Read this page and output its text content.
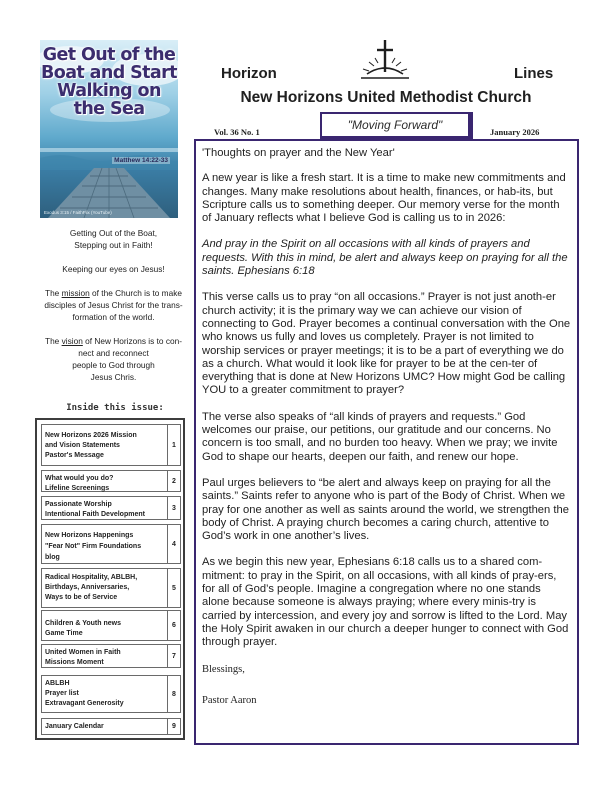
Get Out of the
Boat and Start
Walking on the Sea
Matthew 14:22-33
Exodus 3:15 / FaithFlix (YouTube)
Getting Out of the Boat,
Stepping out in Faith!
Keeping our eyes on Jesus!
The mission of the Church is to make
disciples of Jesus Christ for the trans-
formation of the world.
The vision of New Horizons is to con-
nect and reconnect
people to God through
Jesus Chris.
Inside this issue:
New Horizons 2026 Mission
and Vision Statements
Pastor's Message
1
What would you do?
Lifeline Screenings
2
Passionate Worship
Intentional Faith Development
3
New Horizons Happenings
"Fear Not" Firm Foundations
blog
4
Radical Hospitality, ABLBH,
Birthdays, Anniversaries,
Ways to be of Service
5
Children & Youth news
Game Time
6
United Women in Faith
Missions Moment
7
ABLBH
Prayer list
Extravagant Generosity
8
January Calendar	9
Horizon	Lines
New Horizons United Methodist Church
Vol. 36 No. 1	"Moving Forward"	January 2026

'Thoughts on prayer and the New Year'

A new year is like a fresh start. It is a time to make new commitments and changes. Many make resolutions about health, finances, or hab-its, but Scripture calls us to something deeper. Our memory verse for the month of January reflects what I believe God is calling us to in 2026:

And pray in the Spirit on all occasions with all kinds of prayers and requests. With this in mind, be alert and always keep on praying for all the saints. Ephesians 6:18

This verse calls us to pray “on all occasions.” Prayer is not just anoth-er church activity; it is the primary way we can achieve our vision of connecting to God. Prayer becomes a continual conversation with the One who knows us fully and loves us completely. Prayer is not limited to worship services or prayer meetings; it is to be a part of everything we do as a church. What would it look like for prayer to be at the cen-ter of everything that is done at New Horizons UMC? How might God be calling YOU to a greater commitment to prayer?

The verse also speaks of “all kinds of prayers and requests.” God welcomes our praise, our petitions, our gratitude and our concerns. No concern is too small, and no burden too heavy. When we pray; we invite God to shape our hearts, deepen our faith, and renew our hope.

Paul urges believers to “be alert and always keep on praying for all the saints.” Saints refer to anyone who is part of the Body of Christ. When we pray for one another as well as saints around the world, we strengthen the body of Christ. A praying church becomes a caring church, attentive to God’s work in one another’s lives.

As we begin this new year, Ephesians 6:18 calls us to a shared com-mitment: to pray in the Spirit, on all occasions, with all kinds of pray-ers, for all of God’s people. Imagine a congregation where no one stands alone because someone is always praying; where every minis-try is carried by intercession, and every joy and sorrow is lifted to the Lord. May the Holy Spirit awaken in our church a deeper hunger to connect with God through prayer.

Blessings,

Pastor Aaron
